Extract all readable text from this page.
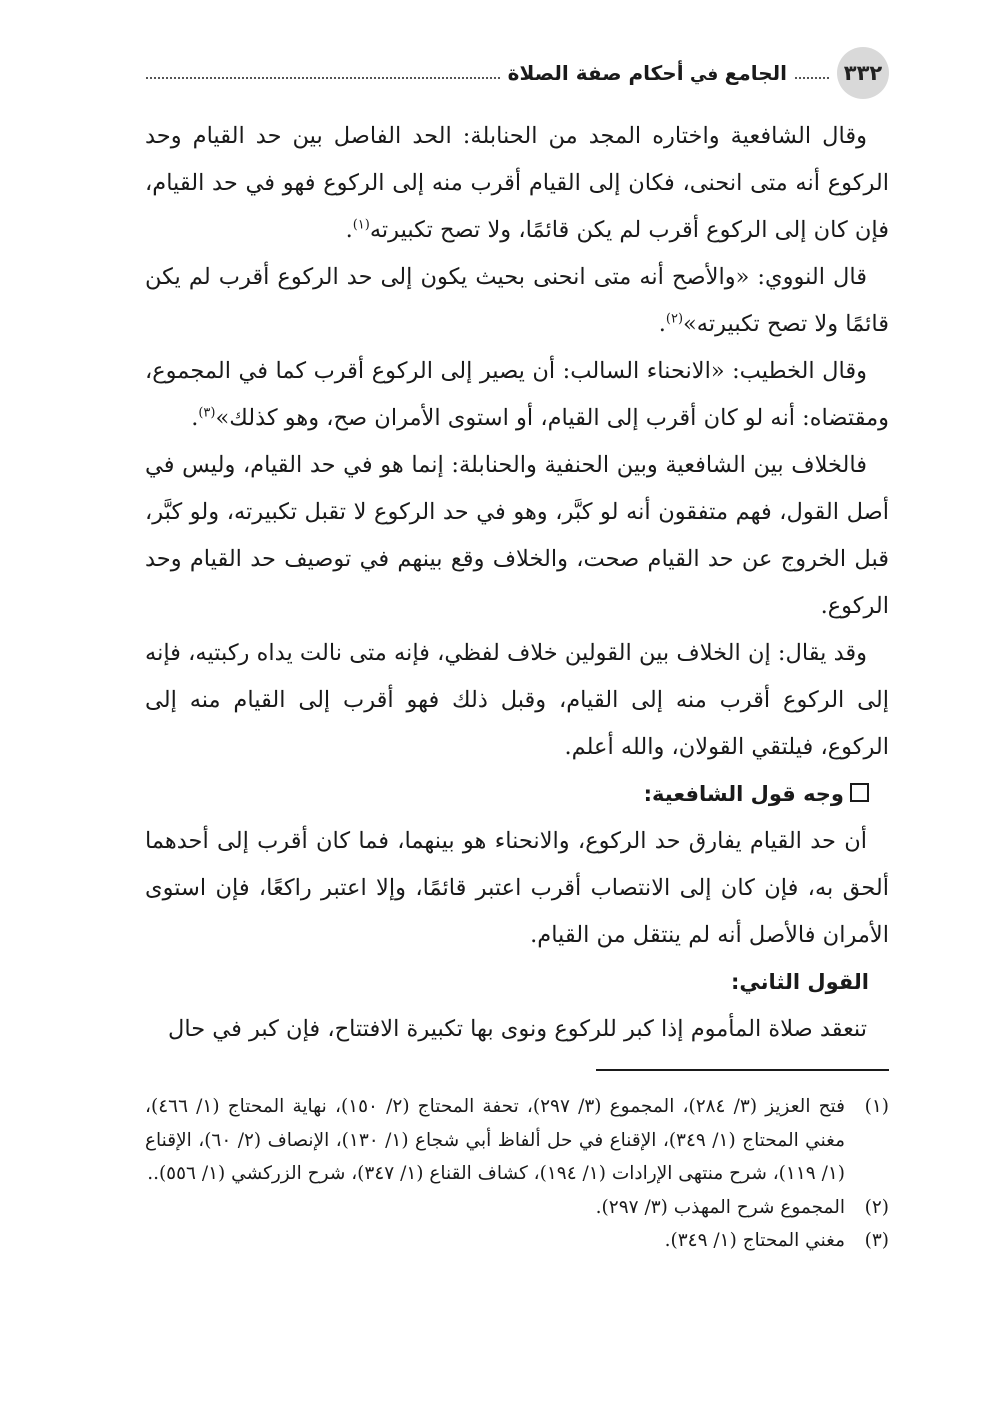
٣٣٢
الجامع في أحكام صفة الصلاة

وقال الشافعية واختاره المجد من الحنابلة: الحد الفاصل بين حد القيام وحد الركوع أنه متى انحنى، فكان إلى القيام أقرب منه إلى الركوع فهو في حد القيام، فإن كان إلى الركوع أقرب لم يكن قائمًا، ولا تصح تكبيرته$^{(١)}$.

قال النووي: «والأصح أنه متى انحنى بحيث يكون إلى حد الركوع أقرب لم يكن قائمًا ولا تصح تكبيرته»$^{(٢)}$.

وقال الخطيب: «الانحناء السالب: أن يصير إلى الركوع أقرب كما في المجموع، ومقتضاه: أنه لو كان أقرب إلى القيام، أو استوى الأمران صح، وهو كذلك»$^{(٣)}$.

فالخلاف بين الشافعية وبين الحنفية والحنابلة: إنما هو في حد القيام، وليس في أصل القول، فهم متفقون أنه لو كبَّر، وهو في حد الركوع لا تقبل تكبيرته، ولو كبَّر، قبل الخروج عن حد القيام صحت، والخلاف وقع بينهم في توصيف حد القيام وحد الركوع.

وقد يقال: إن الخلاف بين القولين خلاف لفظي، فإنه متى نالت يداه ركبتيه، فإنه إلى الركوع أقرب منه إلى القيام، وقبل ذلك فهو أقرب إلى القيام منه إلى الركوع، فيلتقي القولان، والله أعلم.

وجه قول الشافعية:

أن حد القيام يفارق حد الركوع، والانحناء هو بينهما، فما كان أقرب إلى أحدهما ألحق به، فإن كان إلى الانتصاب أقرب اعتبر قائمًا، وإلا اعتبر راكعًا، فإن استوى الأمران فالأصل أنه لم ينتقل من القيام.

القول الثاني:

تنعقد صلاة المأموم إذا كبر للركوع ونوى بها تكبيرة الافتتاح، فإن كبر في حال

(١)
فتح العزيز (٣/ ٢٨٤)، المجموع (٣/ ٢٩٧)، تحفة المحتاج (٢/ ١٥٠)، نهاية المحتاج (١/ ٤٦٦)، مغني المحتاج (١/ ٣٤٩)، الإقناع في حل ألفاظ أبي شجاع (١/ ١٣٠)، الإنصاف (٢/ ٦٠)، الإقناع (١/ ١١٩)، شرح منتهى الإرادات (١/ ١٩٤)، كشاف القناع (١/ ٣٤٧)، شرح الزركشي (١/ ٥٥٦)..
(٢)
المجموع شرح المهذب (٣/ ٢٩٧).
(٣)
مغني المحتاج (١/ ٣٤٩).
